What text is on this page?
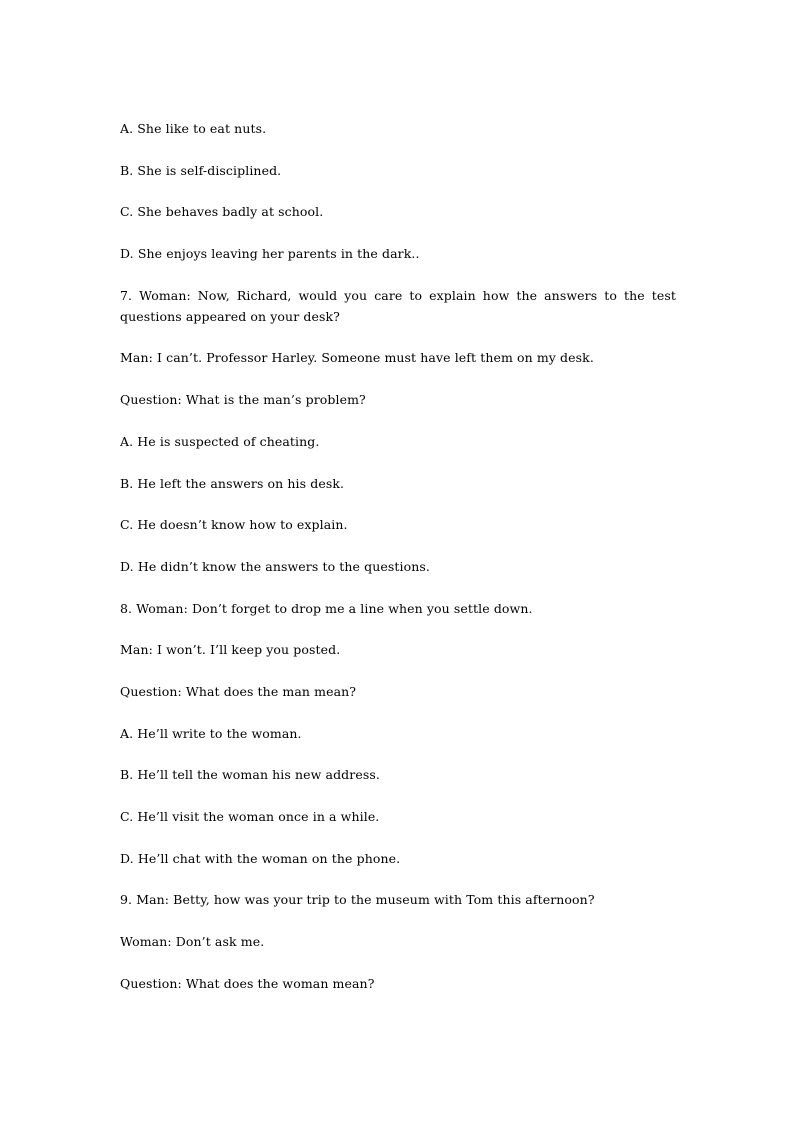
A. She like to eat nuts.

B. She is self-disciplined.

C. She behaves badly at school.

D. She enjoys leaving her parents in the dark..

7. Woman: Now, Richard, would you care to explain how the answers to the test

questions appeared on your desk?

Man: I can’t. Professor Harley. Someone must have left them on my desk.

Question: What is the man’s problem?

A. He is suspected of cheating.

B. He left the answers on his desk.

C. He doesn’t know how to explain.

D. He didn’t know the answers to the questions.

8. Woman: Don’t forget to drop me a line when you settle down.

Man: I won’t. I’ll keep you posted.

Question: What does the man mean?

A. He’ll write to the woman.

B. He’ll tell the woman his new address.

C. He’ll visit the woman once in a while.

D. He’ll chat with the woman on the phone.

9. Man: Betty, how was your trip to the museum with Tom this afternoon?

Woman: Don’t ask me.

Question: What does the woman mean?
